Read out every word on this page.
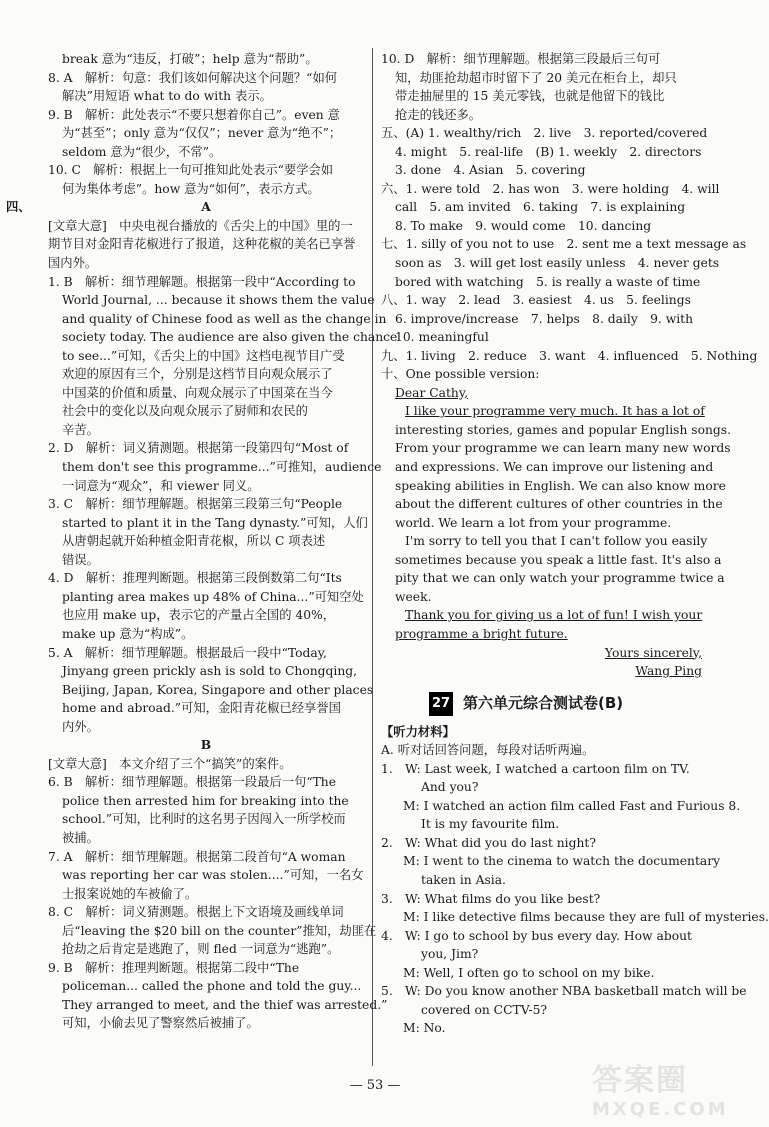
break 意为“违反，打破”；help 意为“帮助”。
8. A　解析：句意：我们该如何解决这个问题？“如何
解决”用短语 what to do with 表示。
9. B　解析：此处表示“不要只想着你自己”。even 意
为“甚至”；only 意为“仅仅”；never 意为“绝不”；
seldom 意为“很少，不常”。
10. C　解析：根据上一句可推知此处表示“要学会如
何为集体考虑”。how 意为“如何”，表示方式。
四、	A
[文章大意]　中央电视台播放的《舌尖上的中国》里的一
期节目对金阳青花椒进行了报道，这种花椒的美名已享誉
国内外。
1. B　解析：细节理解题。根据第一段中“According to
World Journal, ... because it shows them the value
and quality of Chinese food as well as the change in
society today. The audience are also given the chance
to see...”可知，《舌尖上的中国》这档电视节目广受
欢迎的原因有三个，分别是这档节目向观众展示了
中国菜的价值和质量、向观众展示了中国菜在当今
社会中的变化以及向观众展示了厨师和农民的
辛苦。
2. D　解析：词义猜测题。根据第一段第四句“Most of
them don't see this programme...”可推知，audience
一词意为“观众”，和 viewer 同义。
3. C　解析：细节理解题。根据第三段第三句“People
started to plant it in the Tang dynasty.”可知，人们
从唐朝起就开始种植金阳青花椒，所以 C 项表述
错误。
4. D　解析：推理判断题。根据第三段倒数第二句“Its
planting area makes up 48% of China...”可知空处
也应用 make up，表示它的产量占全国的 40%，
make up 意为“构成”。
5. A　解析：细节理解题。根据最后一段中“Today,
Jinyang green prickly ash is sold to Chongqing,
Beijing, Japan, Korea, Singapore and other places
home and abroad.”可知，金阳青花椒已经享誉国
内外。
B
[文章大意]　本文介绍了三个“搞笑”的案件。
6. B　解析：细节理解题。根据第一段最后一句“The
police then arrested him for breaking into the
school.”可知，比利时的这名男子因闯入一所学校而
被捕。
7. A　解析：细节理解题。根据第二段首句“A woman
was reporting her car was stolen....”可知，一名女
士报案说她的车被偷了。
8. C　解析：词义猜测题。根据上下文语境及画线单词
后“leaving the $20 bill on the counter”推知，劫匪在
抢劫之后肯定是逃跑了，则 fled 一词意为“逃跑”。
9. B　解析：推理判断题。根据第二段中“The
policeman... called the phone and told the guy...
They arranged to meet, and the thief was arrested.”
可知，小偷去见了警察然后被捕了。
10. D　解析：细节理解题。根据第三段最后三句可
知，劫匪抢劫超市时留下了 20 美元在柜台上，却只
带走抽屉里的 15 美元零钱，也就是他留下的钱比
抢走的钱还多。
五、(A) 1. wealthy/rich　2. live　3. reported/covered
4. might　5. real-life　(B) 1. weekly　2. directors
3. done　4. Asian　5. covering
六、1. were told　2. has won　3. were holding　4. will
call　5. am invited　6. taking　7. is explaining
8. To make　9. would come　10. dancing
七、1. silly of you not to use　2. sent me a text message as
soon as　3. will get lost easily unless　4. never gets
bored with watching　5. is really a waste of time
八、1. way　2. lead　3. easiest　4. us　5. feelings
6. improve/increase　7. helps　8. daily　9. with
10. meaningful
九、1. living　2. reduce　3. want　4. influenced　5. Nothing
十、One possible version:
Dear Cathy,
I like your programme very much. It has a lot of
interesting stories, games and popular English songs.
From your programme we can learn many new words
and expressions. We can improve our listening and
speaking abilities in English. We can also know more
about the different cultures of other countries in the
world. We learn a lot from your programme.
I'm sorry to tell you that I can't follow you easily
sometimes because you speak a little fast. It's also a
pity that we can only watch your programme twice a
week.
Thank you for giving us a lot of fun! I wish your
programme a bright future.
Yours sincerely,
Wang Ping
27 第六单元综合测试卷(B)
【听力材料】
A. 听对话回答问题，每段对话听两遍。
1.　W: Last week, I watched a cartoon film on TV.
And you?
M: I watched an action film called Fast and Furious 8.
It is my favourite film.
2.　W: What did you do last night?
M: I went to the cinema to watch the documentary
taken in Asia.
3.　W: What films do you like best?
M: I like detective films because they are full of mysteries.
4.　W: I go to school by bus every day. How about
you, Jim?
M: Well, I often go to school on my bike.
5.　W: Do you know another NBA basketball match will be
covered on CCTV-5?
M: No.
— 53 —	答案圈
MXQE.COM
